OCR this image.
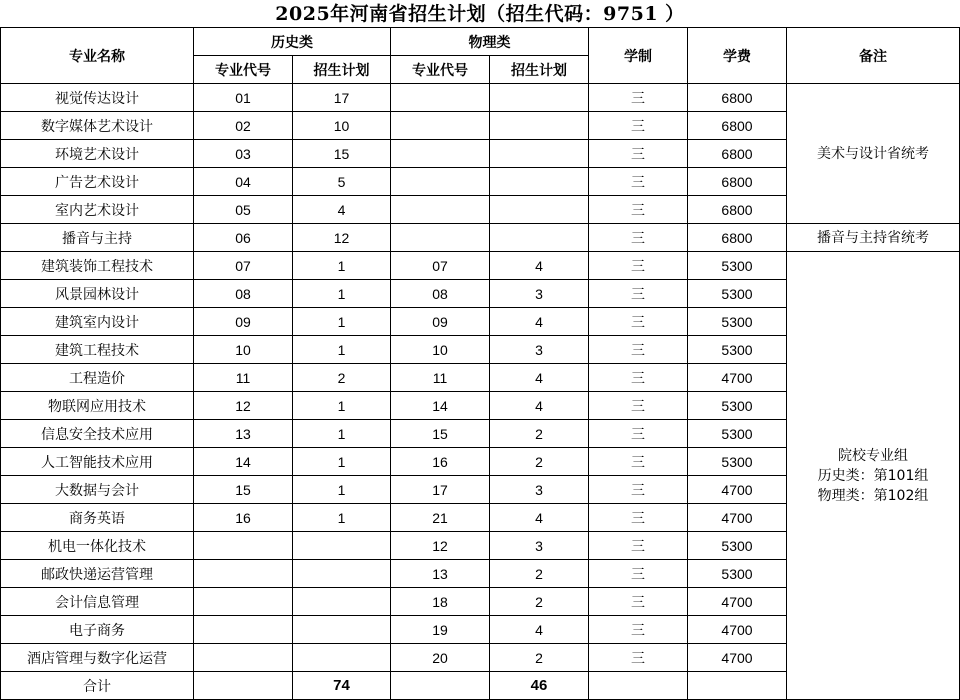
2025年河南省招生计划（招生代码：9751 ）
专业名称	历史类		物理类		学制	学费	备注
	专业代号	招生计划	专业代号	招生计划			
视觉传达设计	01	17			三	6800	美术与设计省统考
数字媒体艺术设计	02	10			三	6800	
环境艺术设计	03	15			三	6800	
广告艺术设计	04	5			三	6800	
室内艺术设计	05	4			三	6800	
播音与主持	06	12			三	6800	播音与主持省统考
建筑装饰工程技术	07	1	07	4	三	5300	院校专业组
历史类：第101组
物理类：第102组

风景园林设计	08	1	08	3	三	5300	
建筑室内设计	09	1	09	4	三	5300	
建筑工程技术	10	1	10	3	三	5300	
工程造价	11	2	11	4	三	4700	
物联网应用技术	12	1	14	4	三	5300	
信息安全技术应用	13	1	15	2	三	5300	
人工智能技术应用	14	1	16	2	三	5300	
大数据与会计	15	1	17	3	三	4700	
商务英语	16	1	21	4	三	4700	
机电一体化技术			12	3	三	5300	
邮政快递运营管理			13	2	三	5300	
会计信息管理			18	2	三	4700	
电子商务			19	4	三	4700	
酒店管理与数字化运营			20	2	三	4700	
合计		74		46			
